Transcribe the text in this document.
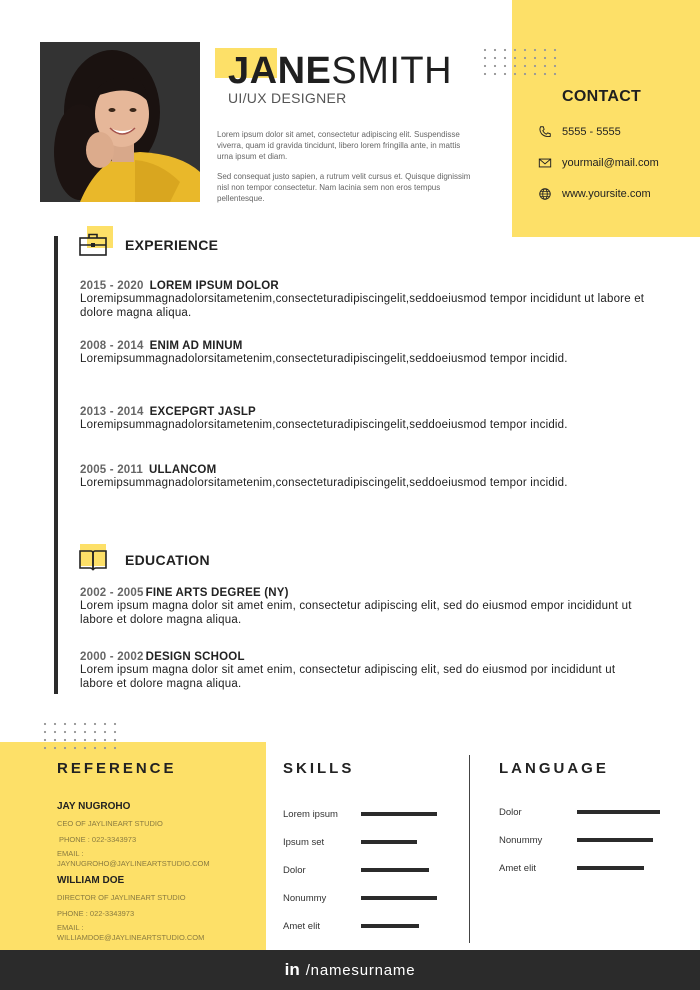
JANESMITH
UI/UX DESIGNER
Lorem ipsum dolor sit amet, consectetur adipiscing elit. Suspendisse viverra, quam id gravida tincidunt, libero lorem fringilla ante, in mattis urna ipsum et diam.
Sed consequat justo sapien, a rutrum velit cursus et. Quisque dignissim nisl non tempor consectetur. Nam lacinia sem non eros tempus pellentesque.
CONTACT
5555 - 5555
yourmail@mail.com
www.yoursite.com
EXPERIENCE
2015 - 2020 LOREM IPSUM DOLOR
Loremipsummagnadolorsitametenim,consecteturadipiscingelit,seddoeiusmod tempor incididunt ut labore et dolore magna aliqua.
2008 - 2014 ENIM AD MINUM
Loremipsummagnadolorsitametenim,consecteturadipiscingelit,seddoeiusmod tempor incidid.
2013 - 2014 EXCEPGRT JASLP
Loremipsummagnadolorsitametenim,consecteturadipiscingelit,seddoeiusmod tempor incidid.
2005 - 2011 ULLANCOM
Loremipsummagnadolorsitametenim,consecteturadipiscingelit,seddoeiusmod tempor incidid.
EDUCATION
2002 - 2005 FINE ARTS DEGREE (NY)
Lorem ipsum magna dolor sit amet enim, consectetur adipiscing elit, sed do eiusmod empor incididunt ut labore et dolore magna aliqua.
2000 - 2002 DESIGN SCHOOL
Lorem ipsum magna dolor sit amet enim, consectetur adipiscing elit, sed do eiusmod por incididunt ut labore et dolore magna aliqua.
REFERENCE
JAY NUGROHO
CEO OF JAYLINEART STUDIO
PHONE : 022-3343973
EMAIL :
JAYNUGROHO@JAYLINEARTSTUDIO.COM
WILLIAM DOE
DIRECTOR OF JAYLINEART STUDIO
PHONE : 022-3343973
EMAIL :
WILLIAMDOE@JAYLINEARTSTUDIO.COM
SKILLS
Lorem ipsum
Ipsum set
Dolor
Nonummy
Amet elit
LANGUAGE
Dolor
Nonummy
Amet elit
in /namesurname
